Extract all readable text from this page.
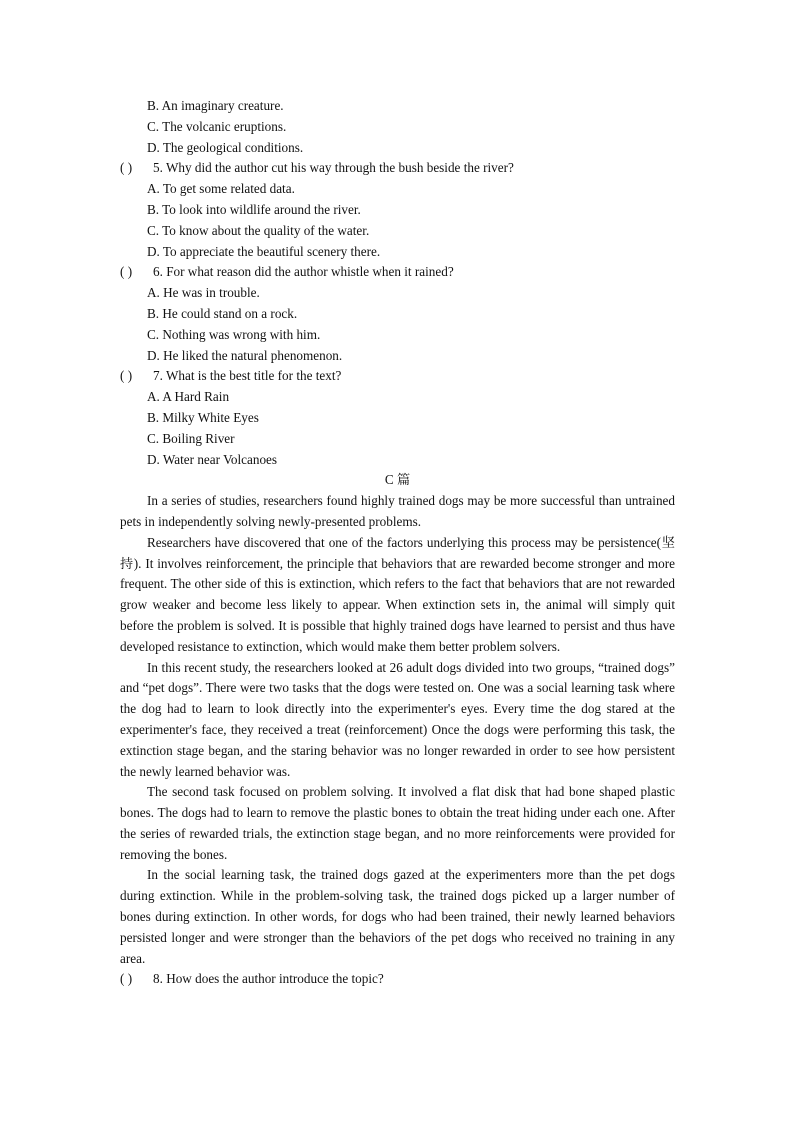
B. An imaginary creature.
C. The volcanic eruptions.
D. The geological conditions.
( ) 5. Why did the author cut his way through the bush beside the river?
A. To get some related data.
B. To look into wildlife around the river.
C. To know about the quality of the water.
D. To appreciate the beautiful scenery there.
( ) 6. For what reason did the author whistle when it rained?
A. He was in trouble.
B. He could stand on a rock.
C. Nothing was wrong with him.
D. He liked the natural phenomenon.
( ) 7. What is the best title for the text?
A. A Hard Rain
B. Milky White Eyes
C. Boiling River
D. Water near Volcanoes
C 篇

In a series of studies, researchers found highly trained dogs may be more successful than untrained pets in independently solving newly-presented problems.

Researchers have discovered that one of the factors underlying this process may be persistence(坚持). It involves reinforcement, the principle that behaviors that are rewarded become stronger and more frequent. The other side of this is extinction, which refers to the fact that behaviors that are not rewarded grow weaker and become less likely to appear. When extinction sets in, the animal will simply quit before the problem is solved. It is possible that highly trained dogs have learned to persist and thus have developed resistance to extinction, which would make them better problem solvers.

In this recent study, the researchers looked at 26 adult dogs divided into two groups, “trained dogs” and “pet dogs”. There were two tasks that the dogs were tested on. One was a social learning task where the dog had to learn to look directly into the experimenter's eyes. Every time the dog stared at the experimenter's face, they received a treat (reinforcement) Once the dogs were performing this task, the extinction stage began, and the staring behavior was no longer rewarded in order to see how persistent the newly learned behavior was.

The second task focused on problem solving. It involved a flat disk that had bone shaped plastic bones. The dogs had to learn to remove the plastic bones to obtain the treat hiding under each one. After the series of rewarded trials, the extinction stage began, and no more reinforcements were provided for removing the bones.

In the social learning task, the trained dogs gazed at the experimenters more than the pet dogs during extinction. While in the problem-solving task, the trained dogs picked up a larger number of bones during extinction. In other words, for dogs who had been trained, their newly learned behaviors persisted longer and were stronger than the behaviors of the pet dogs who received no training in any area.

( ) 8. How does the author introduce the topic?
